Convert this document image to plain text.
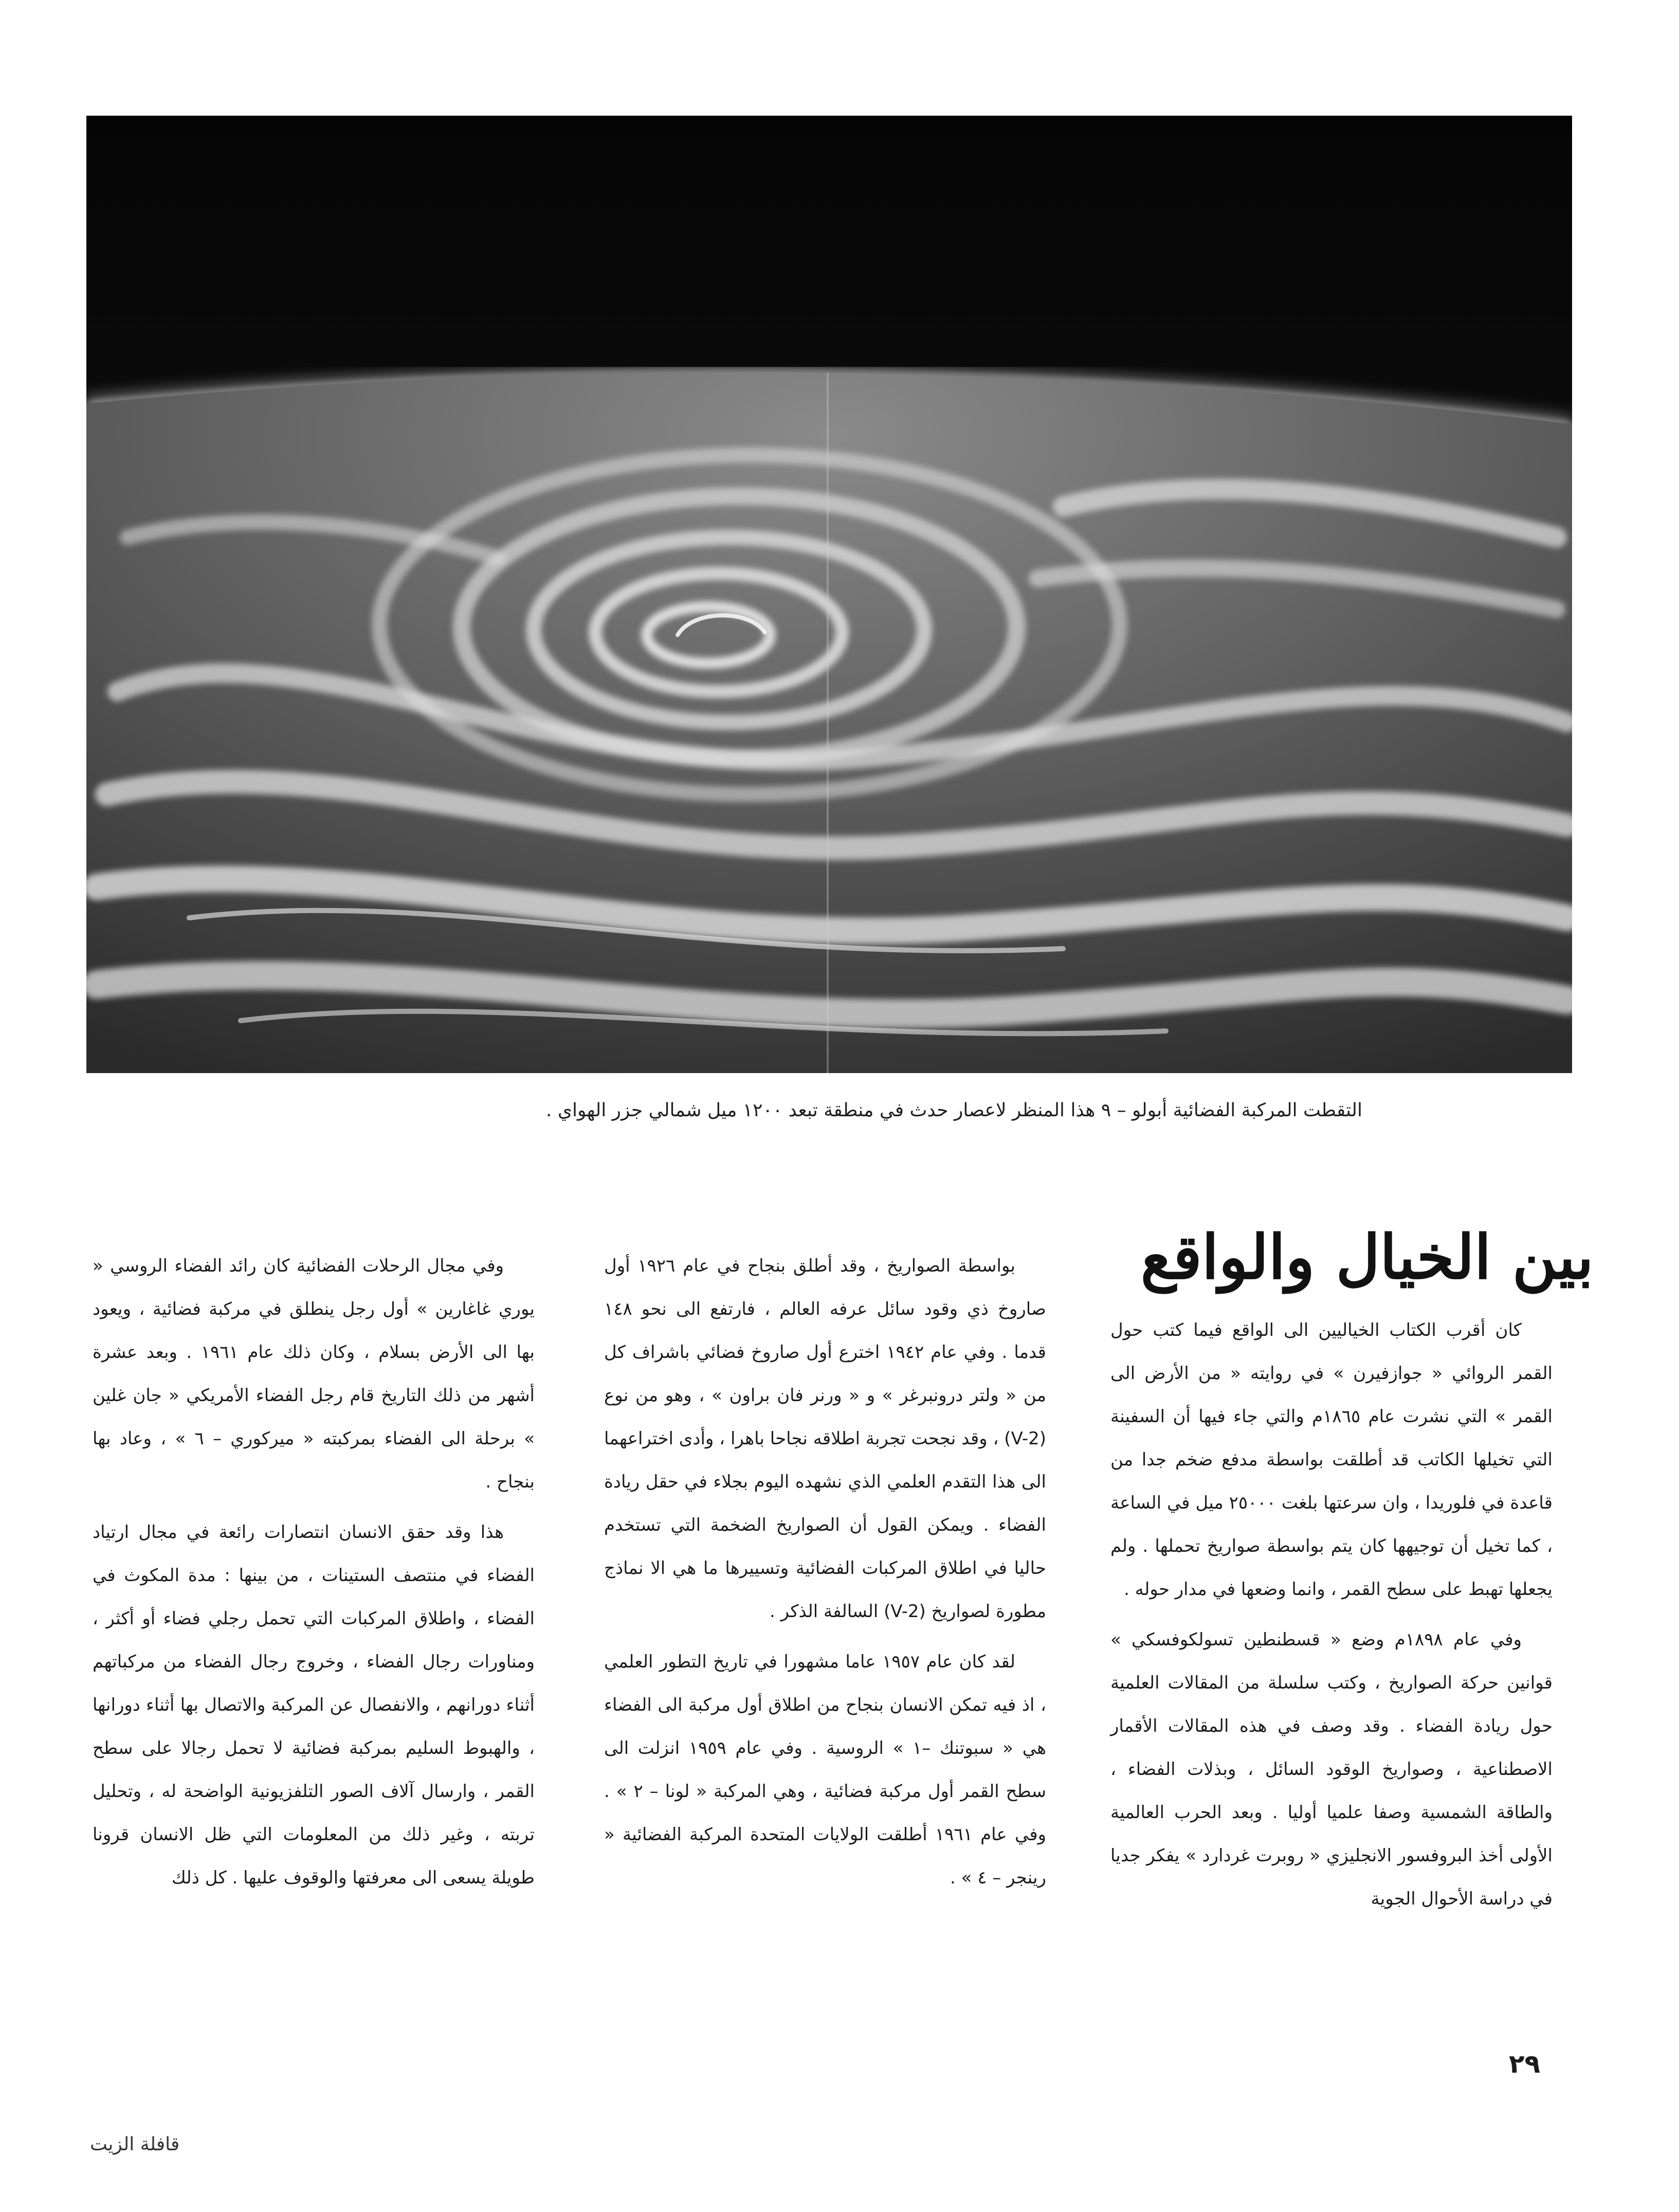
التقطت المركبة الفضائية أبولو – ٩ هذا المنظر لاعصار حدث في منطقة تبعد ١٢٠٠ ميل شمالي جزر الهواي .
بين الخيال والواقع

كان أقرب الكتاب الخياليين الى الواقع فيما كتب حول القمر الروائي « جوازفيرن » في روايته « من الأرض الى القمر » التي نشرت عام ١٨٦٥م والتي جاء فيها أن السفينة التي تخيلها الكاتب قد أطلقت بواسطة مدفع ضخم جدا من قاعدة في فلوريدا ، وان سرعتها بلغت ٢٥٠٠٠ ميل في الساعة ، كما تخيل أن توجيهها كان يتم بواسطة صواريخ تحملها . ولم يجعلها تهبط على سطح القمر ، وانما وضعها في مدار حوله .

وفي عام ١٨٩٨م وضع « قسطنطين تسولكوفسكي » قوانين حركة الصواريخ ، وكتب سلسلة من المقالات العلمية حول ريادة الفضاء . وقد وصف في هذه المقالات الأقمار الاصطناعية ، وصواريخ الوقود السائل ، وبذلات الفضاء ، والطاقة الشمسية وصفا علميا أوليا . وبعد الحرب العالمية الأولى أخذ البروفسور الانجليزي « روبرت غردارد » يفكر جديا في دراسة الأحوال الجوية

بواسطة الصواريخ ، وقد أطلق بنجاح في عام ١٩٢٦ أول صاروخ ذي وقود سائل عرفه العالم ، فارتفع الى نحو ١٤٨ قدما . وفي عام ١٩٤٢ اخترع أول صاروخ فضائي باشراف كل من « ولتر درونبرغر » و « ورنر فان براون » ، وهو من نوع (V-2) ، وقد نجحت تجربة اطلاقه نجاحا باهرا ، وأدى اختراعهما الى هذا التقدم العلمي الذي نشهده اليوم بجلاء في حقل ريادة الفضاء . ويمكن القول أن الصواريخ الضخمة التي تستخدم حاليا في اطلاق المركبات الفضائية وتسييرها ما هي الا نماذج مطورة لصواريخ (V-2) السالفة الذكر .

لقد كان عام ١٩٥٧ عاما مشهورا في تاريخ التطور العلمي ، اذ فيه تمكن الانسان بنجاح من اطلاق أول مركبة الى الفضاء هي « سبوتنك –١ » الروسية . وفي عام ١٩٥٩ انزلت الى سطح القمر أول مركبة فضائية ، وهي المركبة « لونا – ٢ » . وفي عام ١٩٦١ أطلقت الولايات المتحدة المركبة الفضائية « رينجر – ٤ » .

وفي مجال الرحلات الفضائية كان رائد الفضاء الروسي « يوري غاغارين » أول رجل ينطلق في مركبة فضائية ، ويعود بها الى الأرض بسلام ، وكان ذلك عام ١٩٦١ . وبعد عشرة أشهر من ذلك التاريخ قام رجل الفضاء الأمريكي « جان غلين » برحلة الى الفضاء بمركبته « ميركوري – ٦ » ، وعاد بها بنجاح .

هذا وقد حقق الانسان انتصارات رائعة في مجال ارتياد الفضاء في منتصف الستينات ، من بينها : مدة المكوث في الفضاء ، واطلاق المركبات التي تحمل رجلي فضاء أو أكثر ، ومناورات رجال الفضاء ، وخروج رجال الفضاء من مركباتهم أثناء دورانهم ، والانفصال عن المركبة والاتصال بها أثناء دورانها ، والهبوط السليم بمركبة فضائية لا تحمل رجالا على سطح القمر ، وارسال آلاف الصور التلفزيونية الواضحة له ، وتحليل تربته ، وغير ذلك من المعلومات التي ظل الانسان قرونا طويلة يسعى الى معرفتها والوقوف عليها . كل ذلك

٢٩
قافلة الزيت
